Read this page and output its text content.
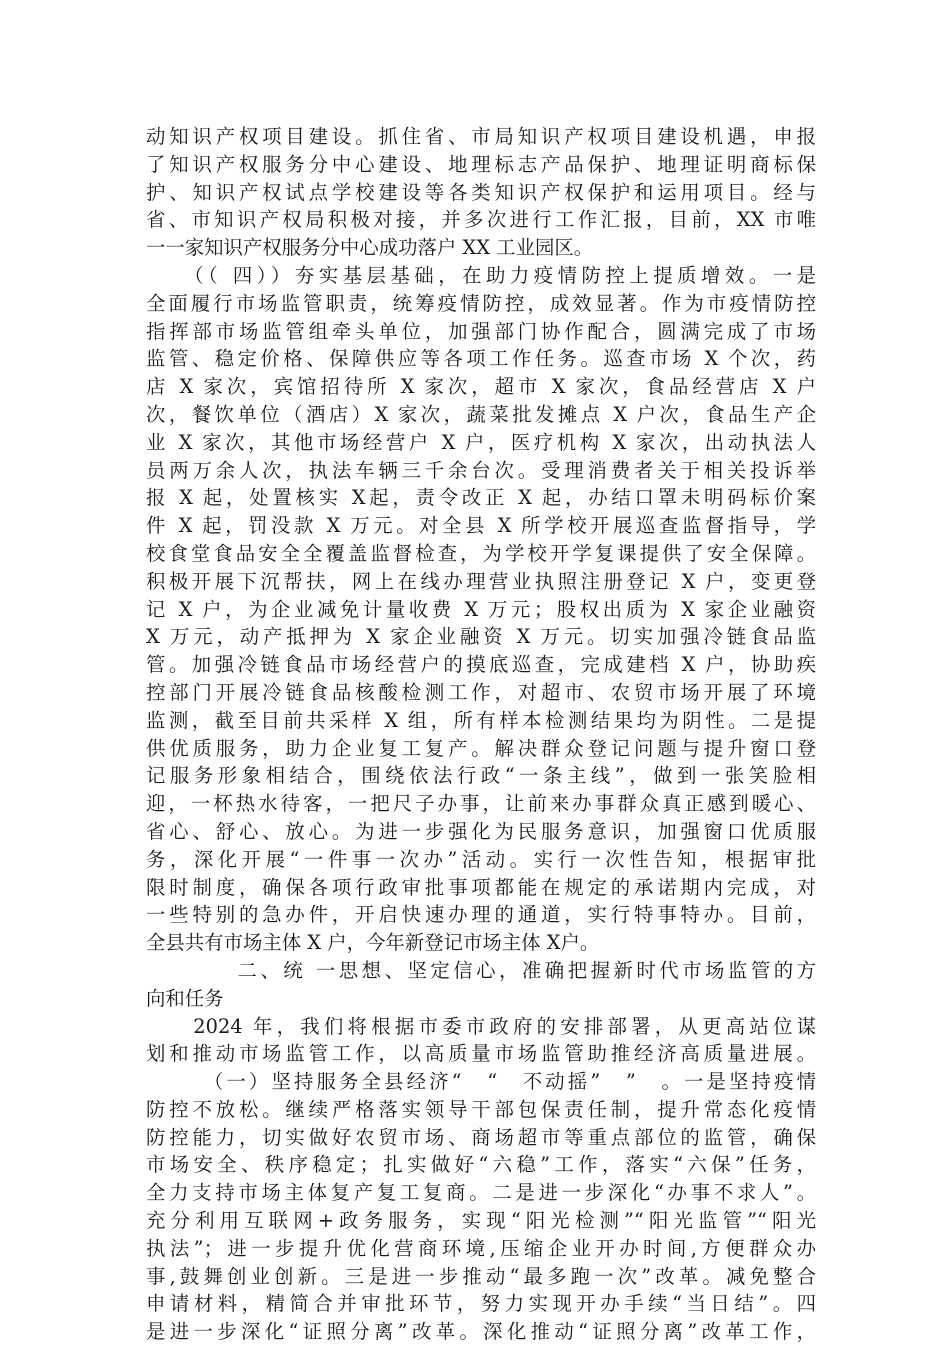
动知识产权项目建设。抓住省、市局知识产权项目建设机遇，申报
了知识产权服务分中心建设、地理标志产品保护、地理证明商标保
护、知识产权试点学校建设等各类知识产权保护和运用项目。经与
省、市知识产权局积极对接，并多次进行工作汇报，目前，XX 市唯
一一家知识产权服务分中心成功落户 XX 工业园区。
　　（（ 四））夯实基层基础，在助力疫情防控上提质增效。一是
全面履行市场监管职责，统筹疫情防控，成效显著。作为市疫情防控
指挥部市场监管组牵头单位，加强部门协作配合，圆满完成了市场
监管、稳定价格、保障供应等各项工作任务。巡查市场 X 个次，药
店 X 家次，宾馆招待所 X 家次，超市 X 家次，食品经营店 X 户
次，餐饮单位（酒店）X 家次，蔬菜批发摊点 X 户次，食品生产企
业 X 家次，其他市场经营户 X 户，医疗机构 X 家次，出动执法人
员两万余人次，执法车辆三千余台次。受理消费者关于相关投诉举
报 X 起，处置核实 X起，责令改正 X 起，办结口罩未明码标价案
件 X 起，罚没款 X 万元。对全县 X 所学校开展巡查监督指导，学
校食堂食品安全全覆盖监督检查，为学校开学复课提供了安全保障。
积极开展下沉帮扶，网上在线办理营业执照注册登记 X 户，变更登
记 X 户，为企业减免计量收费 X 万元；股权出质为 X 家企业融资
X 万元，动产抵押为 X 家企业融资 X 万元。切实加强冷链食品监
管。加强冷链食品市场经营户的摸底巡查，完成建档 X 户，协助疾
控部门开展冷链食品核酸检测工作，对超市、农贸市场开展了环境
监测，截至目前共采样 X 组，所有样本检测结果均为阴性。二是提
供优质服务，助力企业复工复产。解决群众登记问题与提升窗口登
记服务形象相结合，围绕依法行政“一条主线”，做到一张笑脸相
迎，一杯热水待客，一把尺子办事，让前来办事群众真正感到暖心、
省心、舒心、放心。为进一步强化为民服务意识，加强窗口优质服
务，深化开展“一件事一次办”活动。实行一次性告知，根据审批
限时制度，确保各项行政审批事项都能在规定的承诺期内完成，对
一些特别的急办件，开启快速办理的通道，实行特事特办。目前，
全县共有市场主体 X 户，今年新登记市场主体 X户。
　　　　二、统 一思想、坚定信心，准确把握新时代市场监管的方
向和任务
　　2024 年，我们将根据市委市政府的安排部署，从更高站位谋
划和推动市场监管工作，以高质量市场监管助推经济高质量进展。
　　　（一）坚持服务全县经济“　“　不动摇”　”　。一是坚持疫情
防控不放松。继续严格落实领导干部包保责任制，提升常态化疫情
防控能力，切实做好农贸市场、商场超市等重点部位的监管，确保
市场安全、秩序稳定；扎实做好“六稳”工作，落实“六保”任务，
全力支持市场主体复产复工复商。二是进一步深化“办事不求人”。
充分利用互联网+政务服务，实现“阳光检测”“阳光监管”“阳光
执法”；进一步提升优化营商环境,压缩企业开办时间,方便群众办
事,鼓舞创业创新。三是进一步推动“最多跑一次”改革。减免整合
申请材料，精简合并审批环节，努力实现开办手续“当日结”。四
是进一步深化“证照分离”改革。深化推动“证照分离”改革工作，
